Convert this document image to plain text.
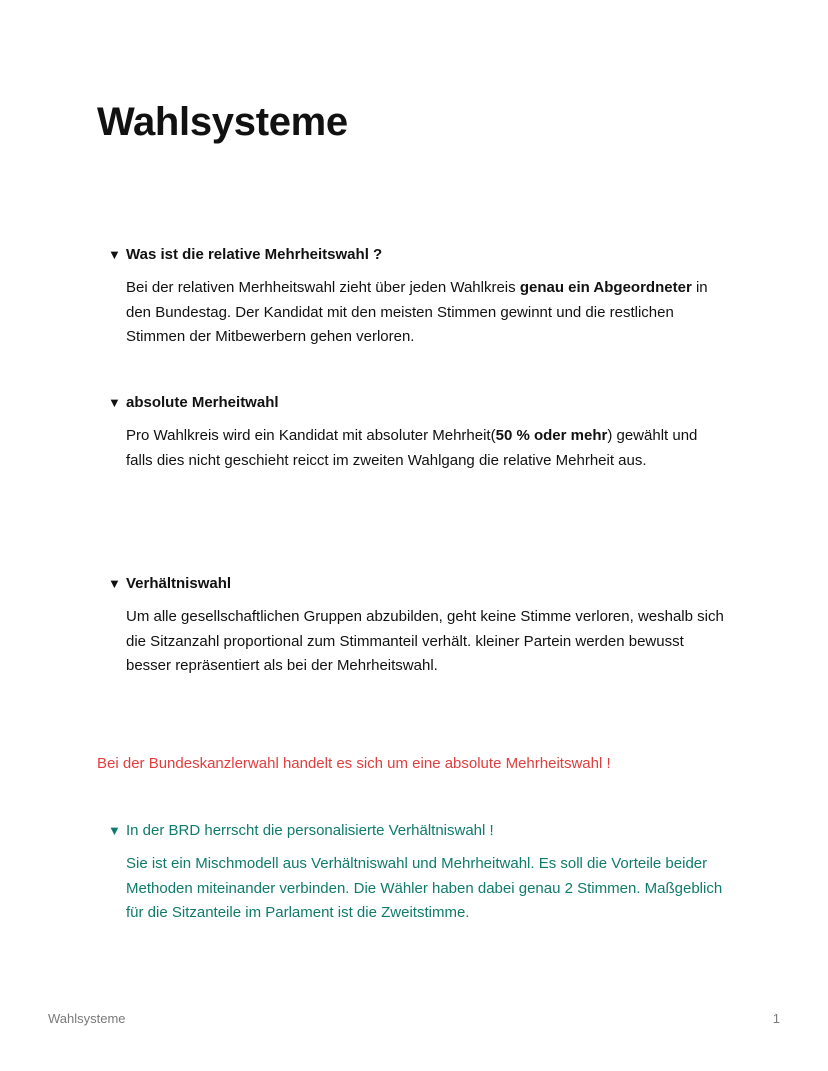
Wahlsysteme
▼ Was ist die relative Mehrheitswahl ?
Bei der relativen Merhheitswahl zieht über jeden Wahlkreis genau ein Abgeordneter in den Bundestag. Der Kandidat mit den meisten Stimmen gewinnt und die restlichen Stimmen der Mitbewerbern gehen verloren.
▼ absolute Merheitwahl
Pro Wahlkreis wird ein Kandidat mit absoluter Mehrheit(50 % oder mehr) gewählt und falls dies nicht geschieht reicct im zweiten Wahlgang die relative Mehrheit aus.
▼ Verhältniswahl
Um alle gesellschaftlichen Gruppen abzubilden, geht keine Stimme verloren, weshalb sich die Sitzanzahl proportional zum Stimmanteil verhält. kleiner Partein werden bewusst besser repräsentiert als bei der Mehrheitswahl.
Bei der Bundeskanzlerwahl handelt es sich um eine absolute Mehrheitswahl !
▼ In der BRD herrscht die personalisierte Verhältniswahl !
Sie ist ein Mischmodell aus Verhältniswahl und Mehrheitwahl. Es soll die Vorteile beider Methoden miteinander verbinden. Die Wähler haben dabei genau 2 Stimmen. Maßgeblich für die Sitzanteile im Parlament ist die Zweitstimme.
Wahlsysteme	1
